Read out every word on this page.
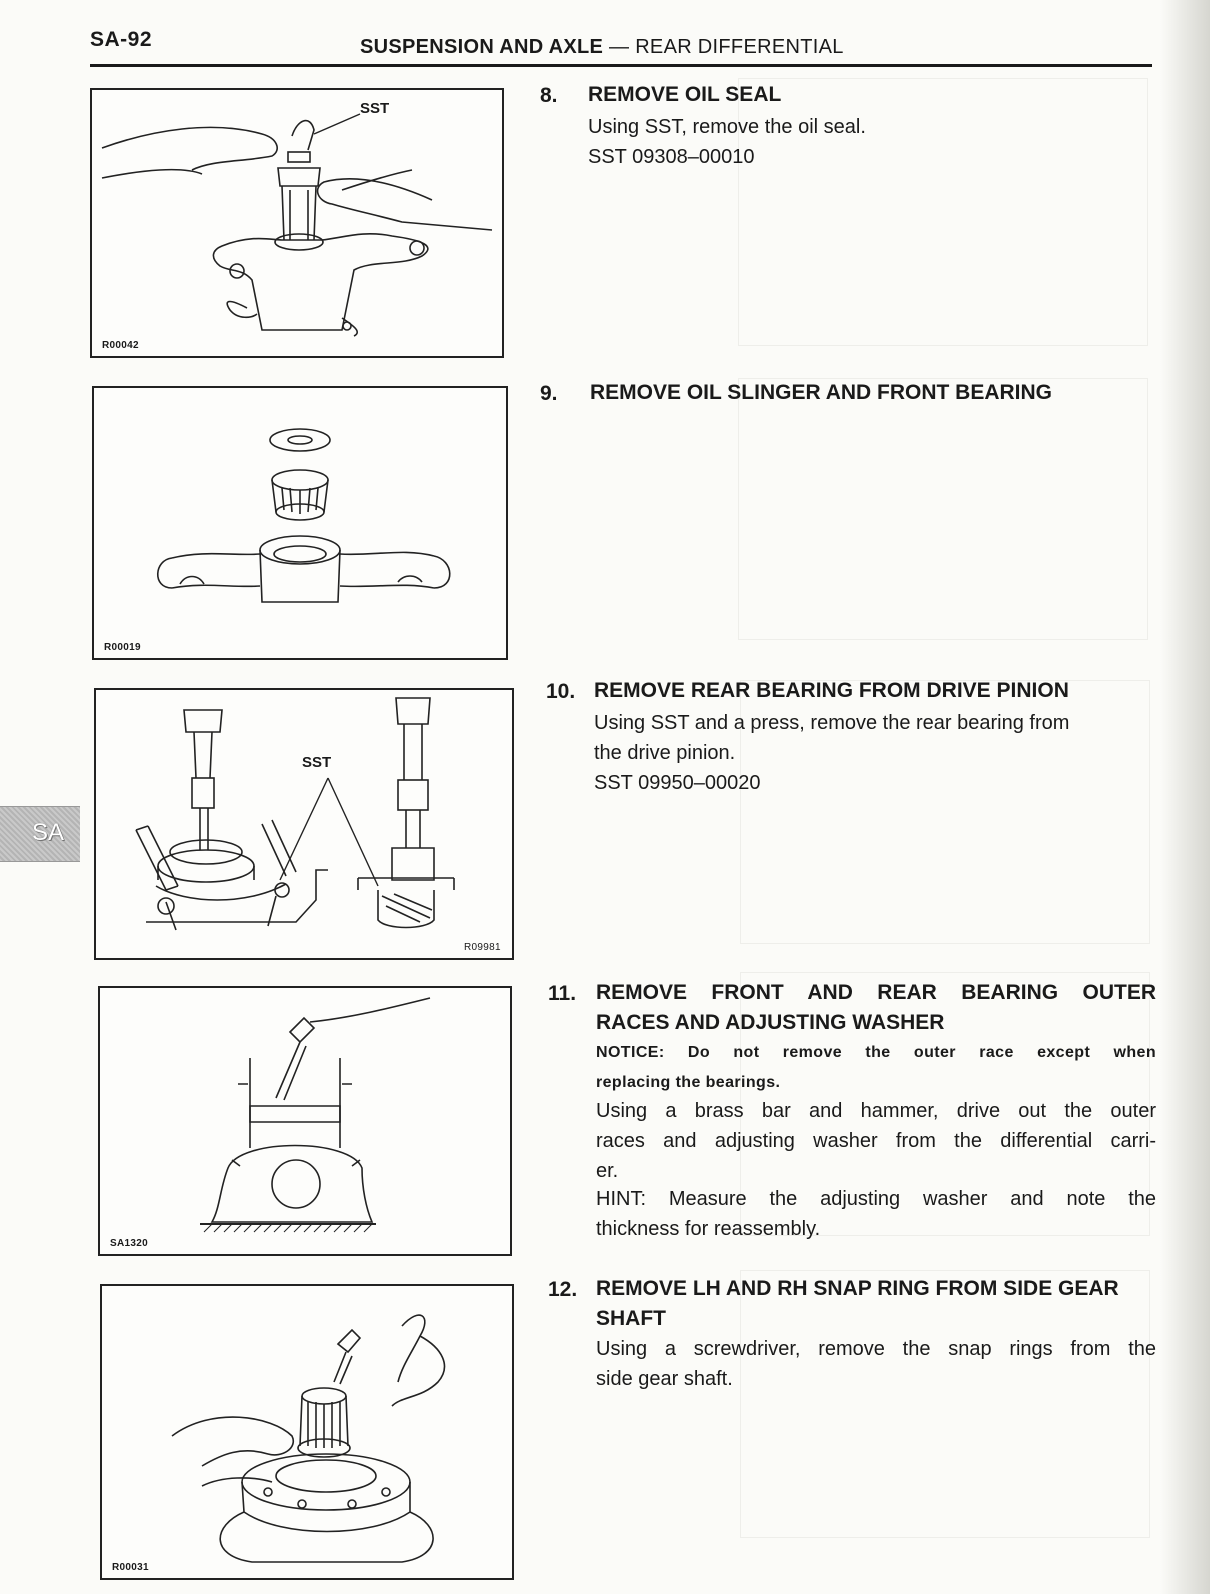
SA-92	SUSPENSION AND AXLE — REAR DIFFERENTIAL
SA
SST
R00042
8. REMOVE OIL SEAL
Using SST, remove the oil seal.
SST 09308–00010
R00019
9. REMOVE OIL SLINGER AND FRONT BEARING
SST
R09981
10. REMOVE REAR BEARING FROM DRIVE PINION
Using SST and a press, remove the rear bearing from
the drive pinion.
SST 09950–00020
SA1320
11. REMOVE FRONT AND REAR BEARING OUTER
RACES AND ADJUSTING WASHER
NOTICE: Do not remove the outer race except when
replacing the bearings.
Using a brass bar and hammer, drive out the outer
races and adjusting washer from the differential carri-
er.
HINT: Measure the adjusting washer and note the
thickness for reassembly.
R00031
12. REMOVE LH AND RH SNAP RING FROM SIDE GEAR
SHAFT
Using a screwdriver, remove the snap rings from the
side gear shaft.
